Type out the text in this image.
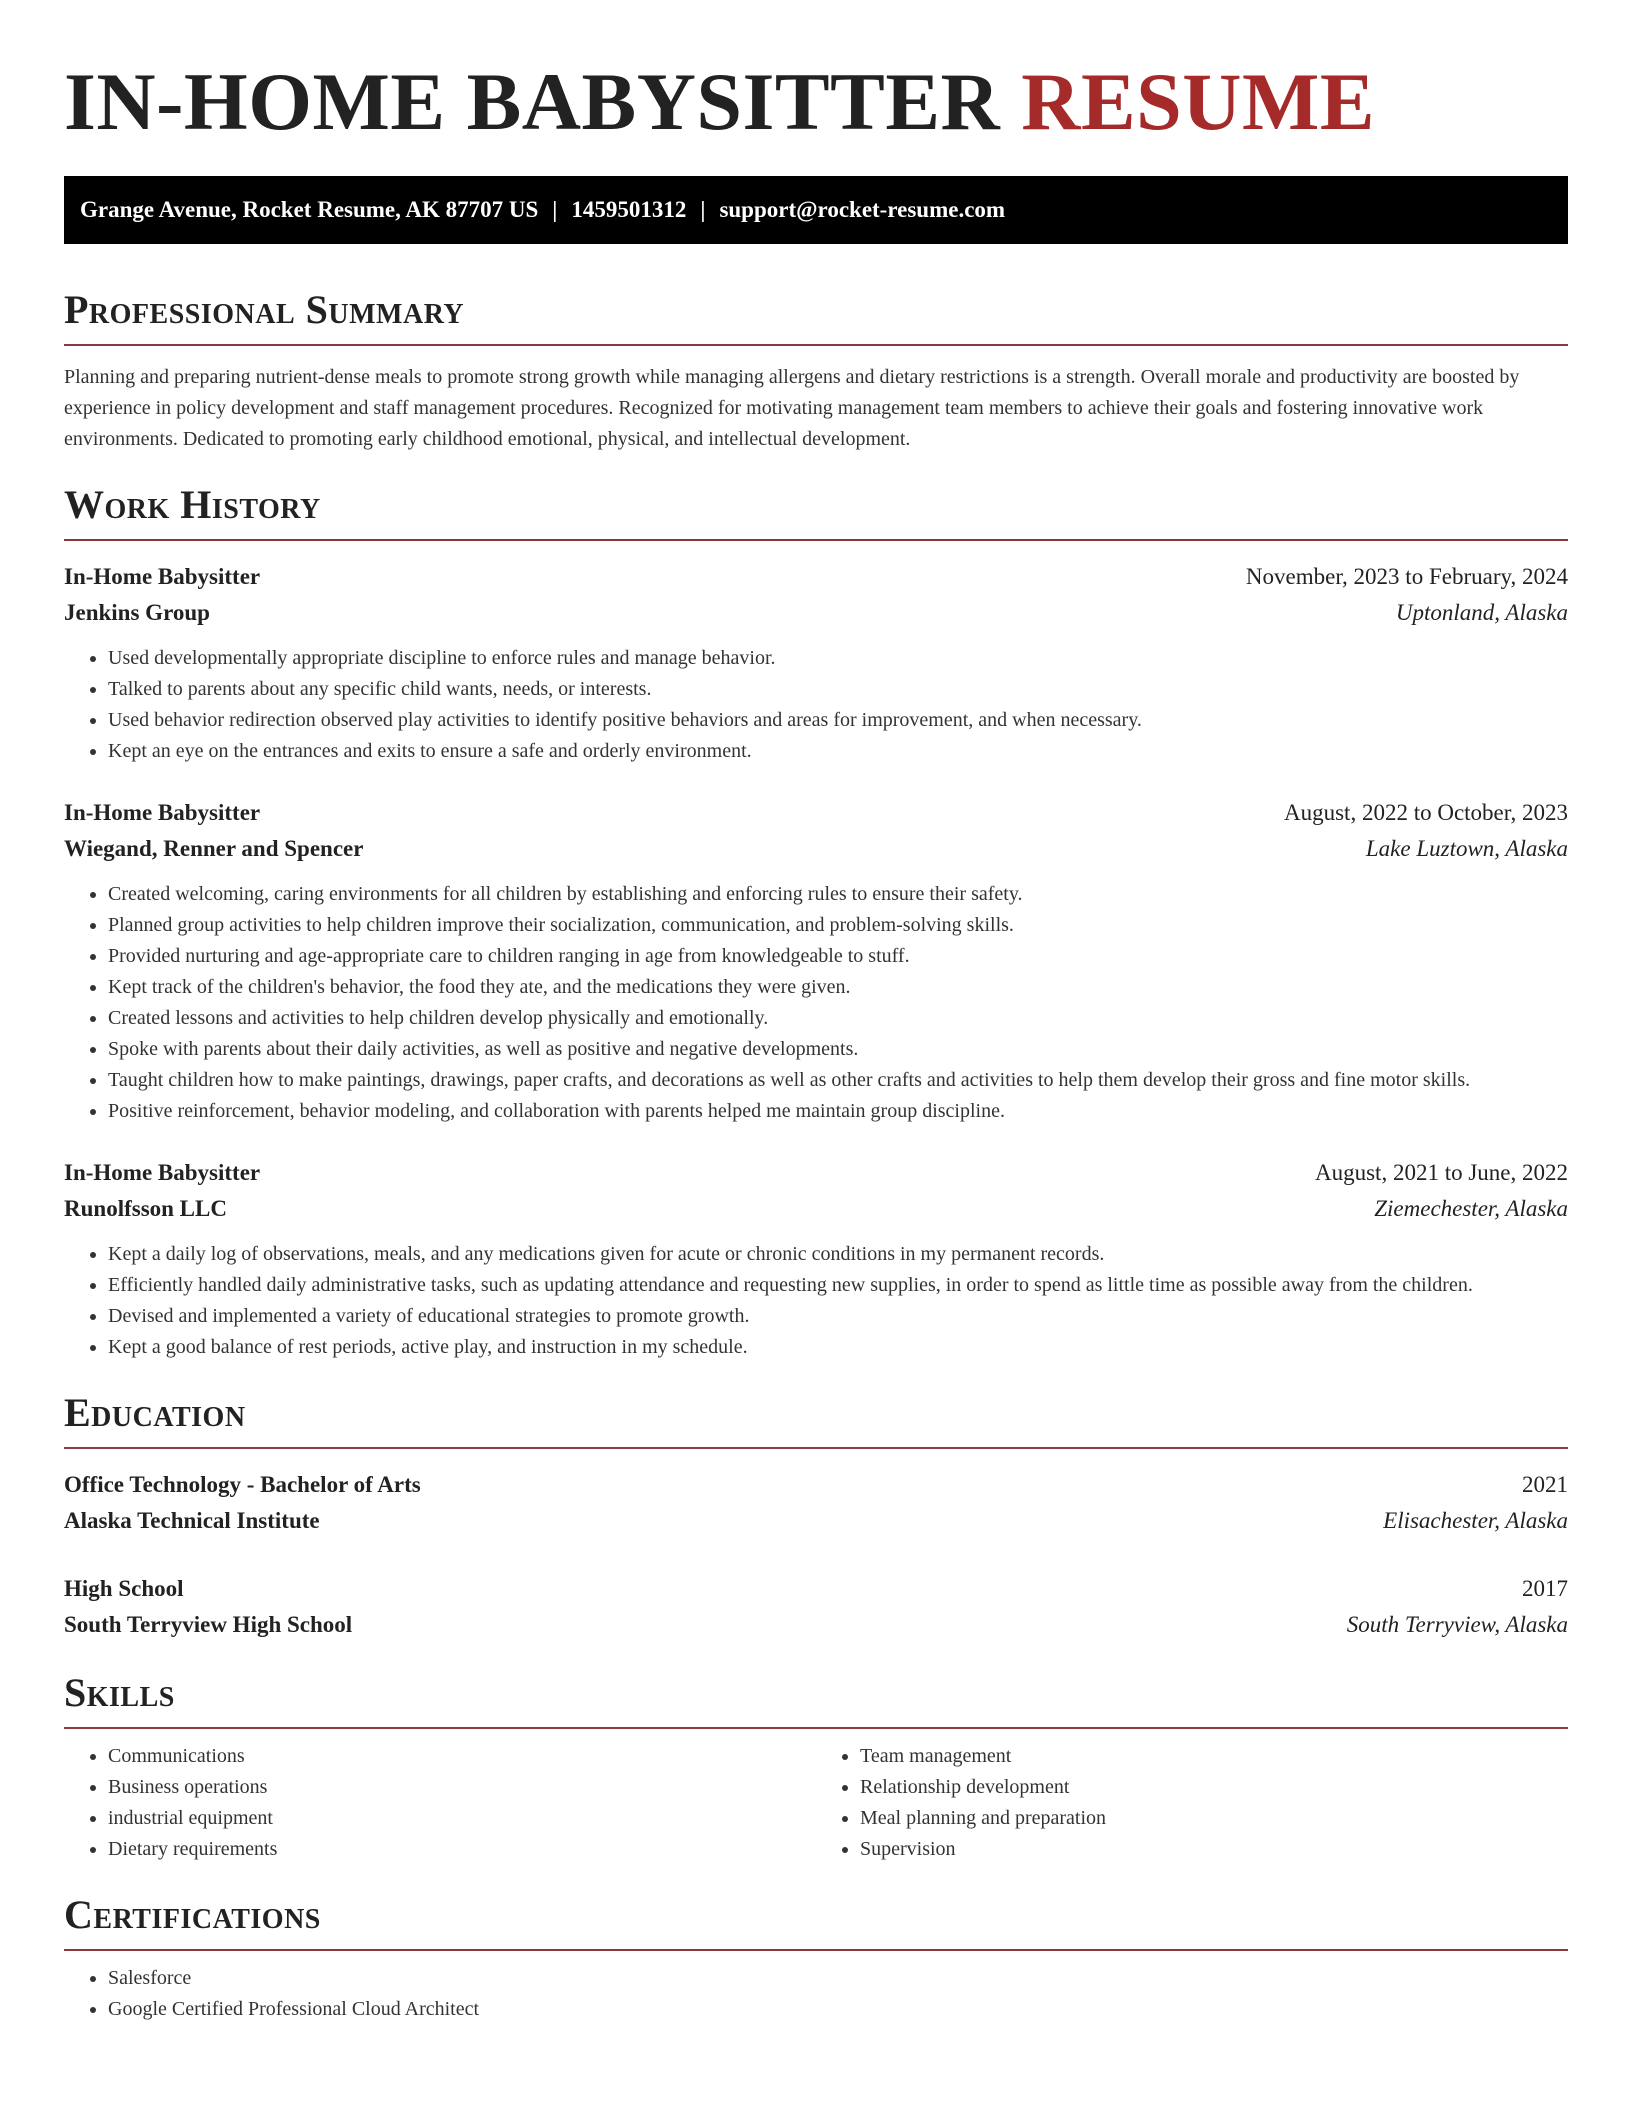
IN-HOME BABYSITTER RESUME
Grange Avenue, Rocket Resume, AK 87707 US | 1459501312 | support@rocket-resume.com
Professional Summary

Planning and preparing nutrient-dense meals to promote strong growth while managing allergens and dietary restrictions is a strength. Overall morale and productivity are boosted by experience in policy development and staff management procedures. Recognized for motivating management team members to achieve their goals and fostering innovative work environments. Dedicated to promoting early childhood emotional, physical, and intellectual development.

Work History
In-Home Babysitter	November, 2023 to February, 2024
Jenkins Group	Uptonland, Alaska
• Used developmentally appropriate discipline to enforce rules and manage behavior.
• Talked to parents about any specific child wants, needs, or interests.
• Used behavior redirection observed play activities to identify positive behaviors and areas for improvement, and when necessary.
• Kept an eye on the entrances and exits to ensure a safe and orderly environment.
In-Home Babysitter	August, 2022 to October, 2023
Wiegand, Renner and Spencer	Lake Luztown, Alaska
• Created welcoming, caring environments for all children by establishing and enforcing rules to ensure their safety.
• Planned group activities to help children improve their socialization, communication, and problem-solving skills.
• Provided nurturing and age-appropriate care to children ranging in age from knowledgeable to stuff.
• Kept track of the children's behavior, the food they ate, and the medications they were given.
• Created lessons and activities to help children develop physically and emotionally.
• Spoke with parents about their daily activities, as well as positive and negative developments.
• Taught children how to make paintings, drawings, paper crafts, and decorations as well as other crafts and activities to help them develop their gross and fine motor skills.
• Positive reinforcement, behavior modeling, and collaboration with parents helped me maintain group discipline.
In-Home Babysitter	August, 2021 to June, 2022
Runolfsson LLC	Ziemechester, Alaska
• Kept a daily log of observations, meals, and any medications given for acute or chronic conditions in my permanent records.
• Efficiently handled daily administrative tasks, such as updating attendance and requesting new supplies, in order to spend as little time as possible away from the children.
• Devised and implemented a variety of educational strategies to promote growth.
• Kept a good balance of rest periods, active play, and instruction in my schedule.
Education
Office Technology - Bachelor of Arts	2021
Alaska Technical Institute	Elisachester, Alaska
High School	2017
South Terryview High School	South Terryview, Alaska
Skills
• Communications
• Business operations
• industrial equipment
• Dietary requirements
• Team management
• Relationship development
• Meal planning and preparation
• Supervision
Certifications
• Salesforce
• Google Certified Professional Cloud Architect
